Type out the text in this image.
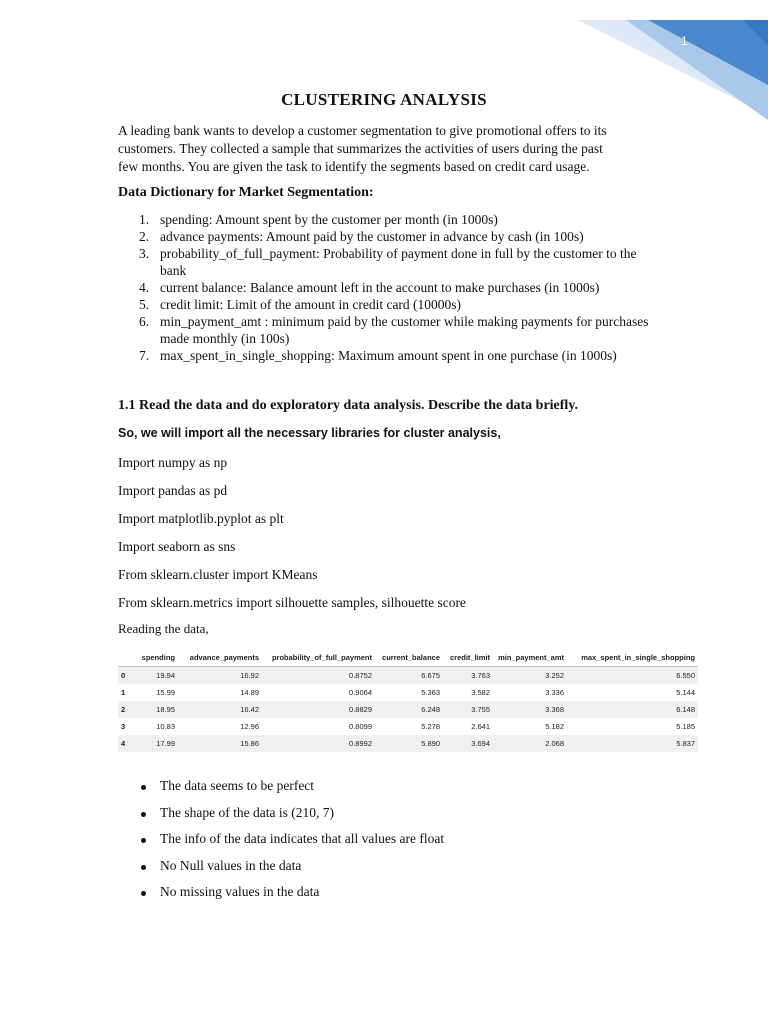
1
CLUSTERING ANALYSIS

A leading bank wants to develop a customer segmentation to give promotional offers to its
customers. They collected a sample that summarizes the activities of users during the past
few months. You are given the task to identify the segments based on credit card usage.

Data Dictionary for Market Segmentation:
1. spending: Amount spent by the customer per month (in 1000s)
2. advance payments: Amount paid by the customer in advance by cash (in 100s)
3. probability_of_full_payment: Probability of payment done in full by the customer to the bank
4. current balance: Balance amount left in the account to make purchases (in 1000s)
5. credit limit: Limit of the amount in credit card (10000s)
6. min_payment_amt : minimum paid by the customer while making payments for purchases made monthly (in 100s)
7. max_spent_in_single_shopping: Maximum amount spent in one purchase (in 1000s)
1.1 Read the data and do exploratory data analysis. Describe the data briefly.
So, we will import all the necessary libraries for cluster analysis,
Import numpy as np
Import pandas as pd
Import matplotlib.pyplot as plt
Import seaborn as sns
From sklearn.cluster import KMeans
From sklearn.metrics import silhouette samples, silhouette score
Reading the data,
	spending	advance_payments	probability_of_full_payment	current_balance	credit_limit	min_payment_amt	max_spent_in_single_shopping
0	19.94	16.92	0.8752	6.675	3.763	3.252	6.550
1	15.99	14.89	0.9064	5.363	3.582	3.336	5.144
2	18.95	16.42	0.8829	6.248	3.755	3.368	6.148
3	10.83	12.96	0.8099	5.278	2.641	5.182	5.185
4	17.99	15.86	0.8992	5.890	3.694	2.068	5.837
The data seems to be perfect
The shape of the data is (210, 7)
The info of the data indicates that all values are float
No Null values in the data
No missing values in the data
